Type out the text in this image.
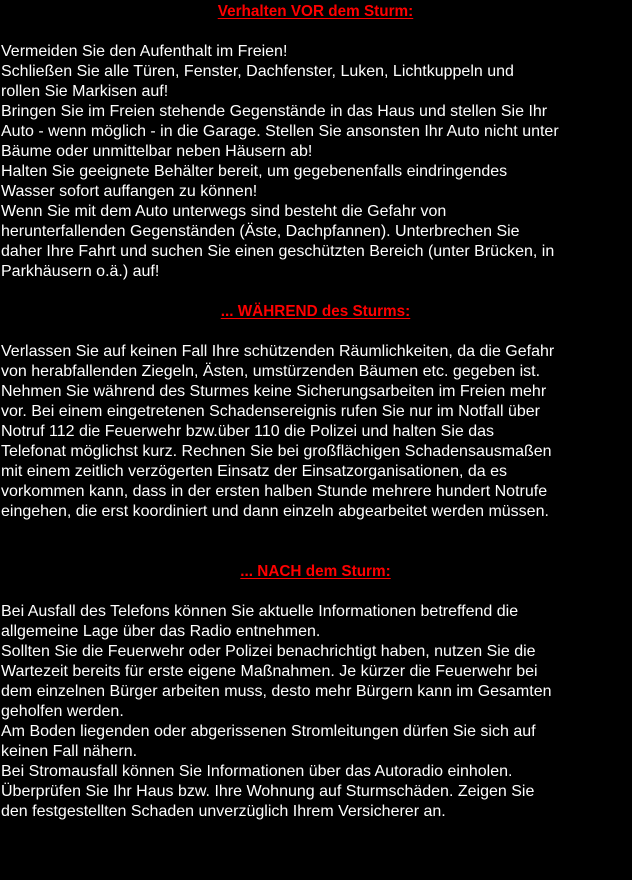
Verhalten VOR dem Sturm:
Vermeiden Sie den Aufenthalt im Freien!
Schließen Sie alle Türen, Fenster, Dachfenster, Luken, Lichtkuppeln und
rollen Sie Markisen auf!
Bringen Sie im Freien stehende Gegenstände in das Haus und stellen Sie Ihr
Auto - wenn möglich - in die Garage. Stellen Sie ansonsten Ihr Auto nicht unter
Bäume oder unmittelbar neben Häusern ab!
Halten Sie geeignete Behälter bereit, um gegebenenfalls eindringendes
Wasser sofort auffangen zu können!
Wenn Sie mit dem Auto unterwegs sind besteht die Gefahr von
herunterfallenden Gegenständen (Äste, Dachpfannen). Unterbrechen Sie
daher Ihre Fahrt und suchen Sie einen geschützten Bereich (unter Brücken, in
Parkhäusern o.ä.) auf!
... WÄHREND des Sturms:
Verlassen Sie auf keinen Fall Ihre schützenden Räumlichkeiten, da die Gefahr
von herabfallenden Ziegeln, Ästen, umstürzenden Bäumen etc. gegeben ist.
Nehmen Sie während des Sturmes keine Sicherungsarbeiten im Freien mehr
vor. Bei einem eingetretenen Schadensereignis rufen Sie nur im Notfall über
Notruf 112 die Feuerwehr bzw.über 110 die Polizei und halten Sie das
Telefonat möglichst kurz. Rechnen Sie bei großflächigen Schadensausmaßen
mit einem zeitlich verzögerten Einsatz der Einsatzorganisationen, da es
vorkommen kann, dass in der ersten halben Stunde mehrere hundert Notrufe
eingehen, die erst koordiniert und dann einzeln abgearbeitet werden müssen.
... NACH dem Sturm:
Bei Ausfall des Telefons können Sie aktuelle Informationen betreffend die
allgemeine Lage über das Radio entnehmen.
Sollten Sie die Feuerwehr oder Polizei benachrichtigt haben, nutzen Sie die
Wartezeit bereits für erste eigene Maßnahmen. Je kürzer die Feuerwehr bei
dem einzelnen Bürger arbeiten muss, desto mehr Bürgern kann im Gesamten
geholfen werden.
Am Boden liegenden oder abgerissenen Stromleitungen dürfen Sie sich auf
keinen Fall nähern.
Bei Stromausfall können Sie Informationen über das Autoradio einholen.
Überprüfen Sie Ihr Haus bzw. Ihre Wohnung auf Sturmschäden. Zeigen Sie
den festgestellten Schaden unverzüglich Ihrem Versicherer an.
